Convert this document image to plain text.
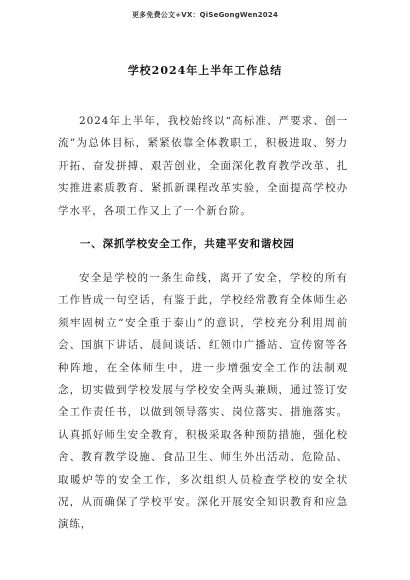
更多免费公文+VX：QiSeGongWen2024
学校2024年上半年工作总结

2024年上半年，我校始终以“高标准、严要求、创一流”为总体目标，紧紧依靠全体教职工，积极进取、努力开拓、奋发拼搏、艰苦创业，全面深化教育教学改革、扎实推进素质教育、紧抓新课程改革实验，全面提高学校办学水平，各项工作又上了一个新台阶。

一、深抓学校安全工作，共建平安和谐校园

安全是学校的一条生命线，离开了安全，学校的所有工作皆成一句空话，有鉴于此，学校经常教育全体师生必须牢固树立“安全重于泰山”的意识，学校充分利用周前会、国旗下讲话、晨间谈话、红领巾广播站、宣传窗等各种阵地，在全体师生中，进一步增强安全工作的法制观念，切实做到学校发展与学校安全两头兼顾，通过签订安全工作责任书，以做到领导落实、岗位落实、措施落实。认真抓好师生安全教育，积极采取各种预防措施，强化校舍、教育教学设施、食品卫生、师生外出活动、危险品、取暖炉等的安全工作，多次组织人员检查学校的安全状况，从而确保了学校平安。深化开展安全知识教育和应急演练，
